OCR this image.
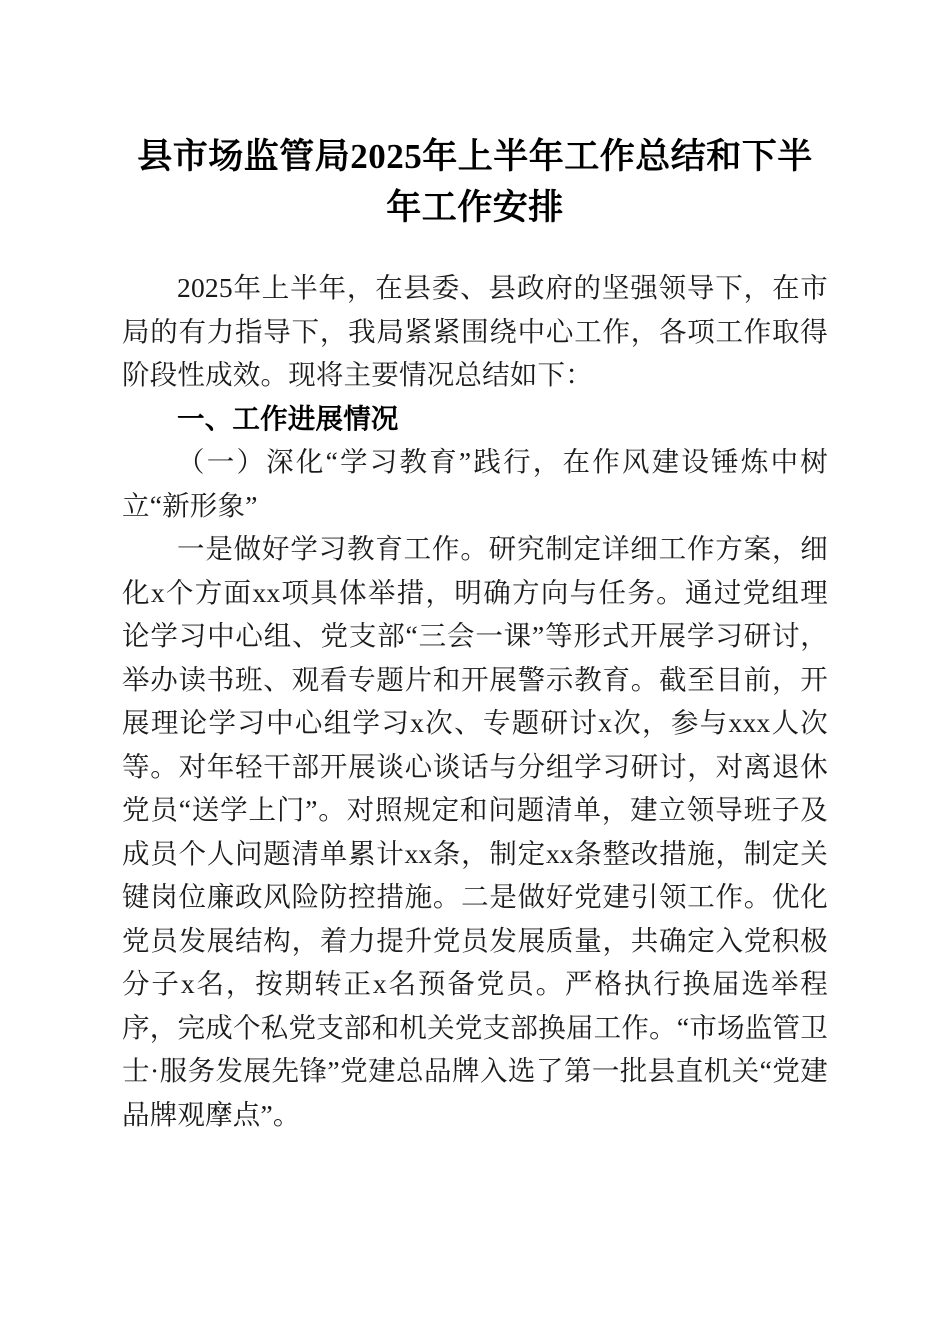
县市场监管局2025年上半年工作总结和下半年工作安排

2025年上半年，在县委、县政府的坚强领导下，在市局的有力指导下，我局紧紧围绕中心工作，各项工作取得阶段性成效。现将主要情况总结如下：

一、工作进展情况

（一）深化“学习教育”践行，在作风建设锤炼中树立“新形象”

一是做好学习教育工作。研究制定详细工作方案，细化x个方面xx项具体举措，明确方向与任务。通过党组理论学习中心组、党支部“三会一课”等形式开展学习研讨，举办读书班、观看专题片和开展警示教育。截至目前，开展理论学习中心组学习x次、专题研讨x次，参与xxx人次等。对年轻干部开展谈心谈话与分组学习研讨，对离退休党员“送学上门”。对照规定和问题清单，建立领导班子及成员个人问题清单累计xx条，制定xx条整改措施，制定关键岗位廉政风险防控措施。二是做好党建引领工作。优化党员发展结构，着力提升党员发展质量，共确定入党积极分子x名，按期转正x名预备党员。严格执行换届选举程序，完成个私党支部和机关党支部换届工作。“市场监管卫士·服务发展先锋”党建总品牌入选了第一批县直机关“党建品牌观摩点”。
